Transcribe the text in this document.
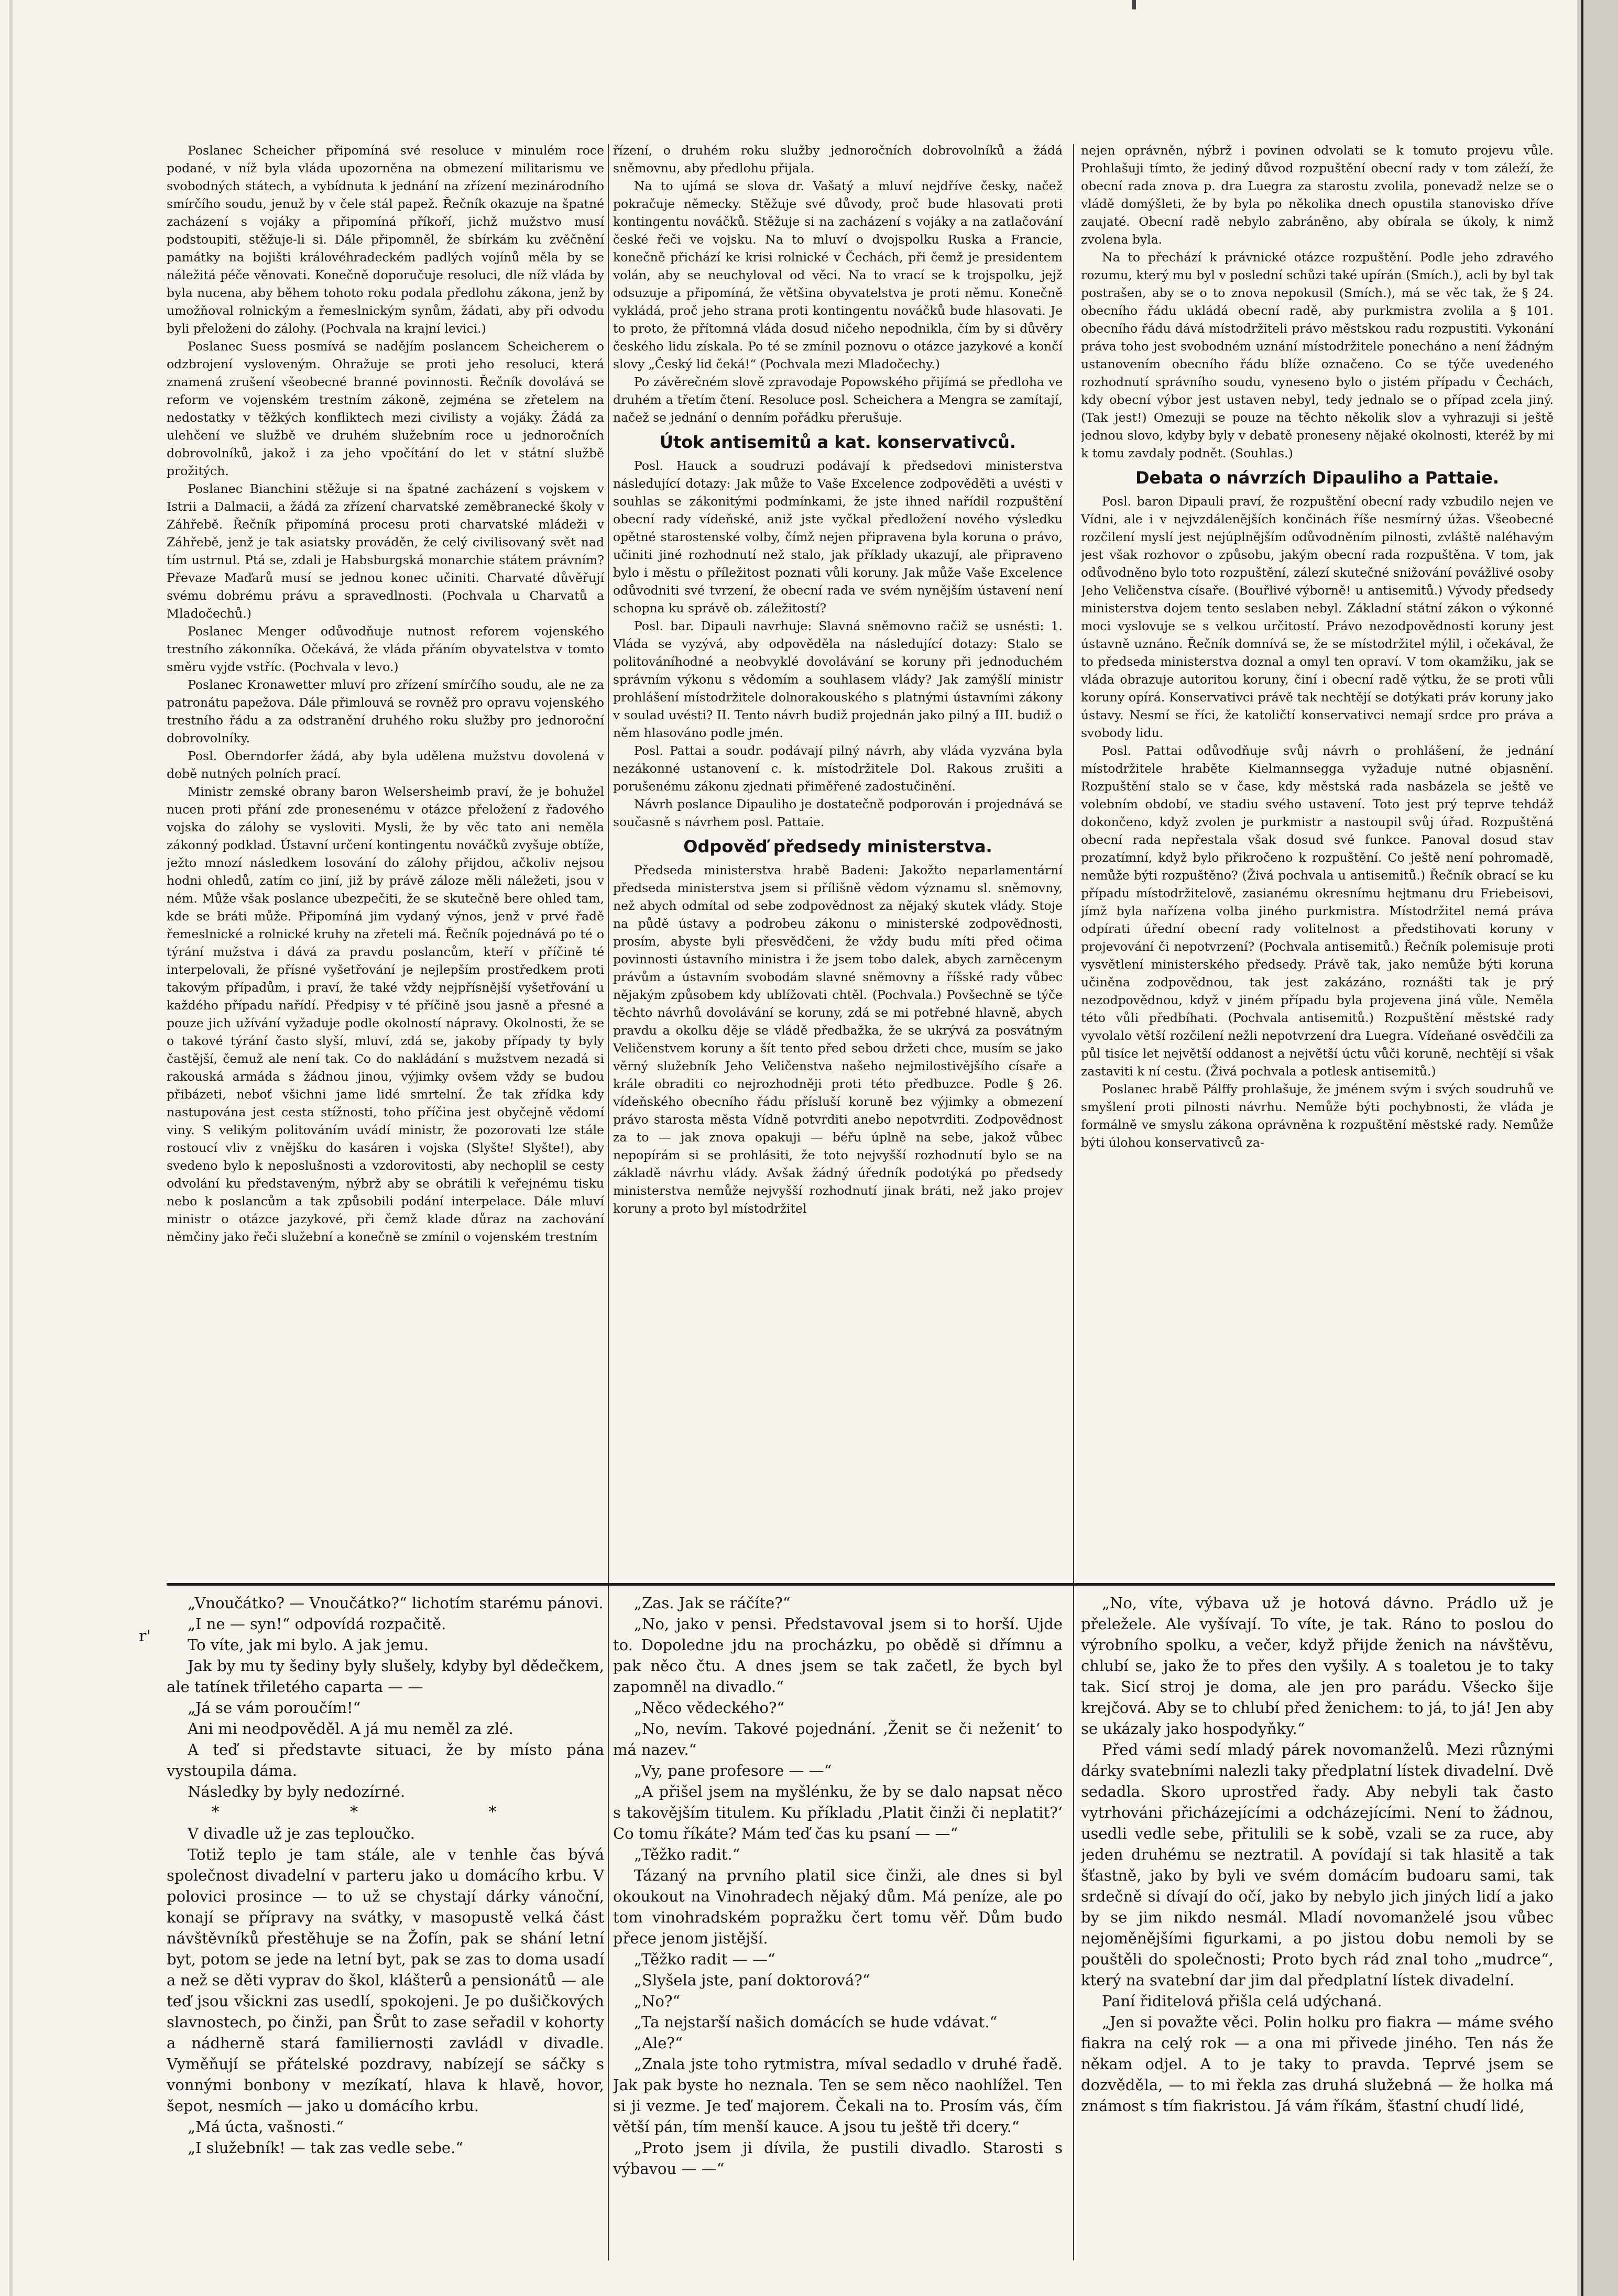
r'

Poslanec Scheicher připomíná své resoluce v minulém roce podané, v níž byla vláda upozorněna na obmezení militarismu ve svobodných státech, a vybídnuta k jednání na zřízení mezinárodního smírčího soudu, jenuž by v čele stál papež. Řečník okazuje na špatné zacházení s vojáky a připomíná příkoří, jichž mužstvo musí podstoupiti, stěžuje-li si. Dále připomněl, že sbírkám ku zvěčnění památky na bojišti královéhradeckém padlých vojínů měla by se náležitá péče věnovati. Konečně doporučuje resoluci, dle níž vláda by byla nucena, aby během tohoto roku podala předlohu zákona, jenž by umožňoval rolnickým a řemeslnickým synům, žádati, aby při odvodu byli přeloženi do zálohy. (Pochvala na krajní levici.)

Poslanec Suess posmívá se nadějím poslancem Scheicherem o odzbrojení vysloveným. Ohražuje se proti jeho resoluci, která znamená zrušení všeobecné branné povinnosti. Řečník dovolává se reform ve vojenském trestním zákoně, zejména se zřetelem na nedostatky v těžkých konfliktech mezi civilisty a vojáky. Žádá za ulehčení ve službě ve druhém služebním roce u jednoročních dobrovolníků, jakož i za jeho vpočítání do let v státní službě prožitých.

Poslanec Bianchini stěžuje si na špatné zacházení s vojskem v Istrii a Dalmacii, a žádá za zřízení charvatské zeměbranecké školy v Záhřebě. Řečník připomíná procesu proti charvatské mládeži v Záhřebě, jenž je tak asiatsky prováděn, že celý civilisovaný svět nad tím ustrnul. Ptá se, zdali je Habsburgská monarchie státem právním? Převaze Maďarů musí se jednou konec učiniti. Charvaté důvěřují svému dobrému právu a spravedlnosti. (Pochvala u Charvatů a Mladočechů.)

Poslanec Menger odůvodňuje nutnost reforem vojenského trestního zákonníka. Očekává, že vláda přáním obyvatelstva v tomto směru vyjde vstříc. (Pochvala v levo.)

Poslanec Kronawetter mluví pro zřízení smírčího soudu, ale ne za patronátu papežova. Dále přimlouvá se rovněž pro opravu vojenského trestního řádu a za odstranění druhého roku služby pro jednoroční dobrovolníky.

Posl. Oberndorfer žádá, aby byla udělena mužstvu dovolená v době nutných polních prací.

Ministr zemské obrany baron Welsersheimb praví, že je bohužel nucen proti přání zde pronesenému v otázce přeložení z řadového vojska do zálohy se vysloviti. Mysli, že by věc tato ani neměla zákonný podklad. Ústavní určení kontingentu nováčků zvyšuje obtíže, ježto mnozí následkem losování do zálohy přijdou, ačkoliv nejsou hodni ohledů, zatím co jiní, již by právě záloze měli náležeti, jsou v ném. Může však poslance ubezpečiti, že se skutečně bere ohled tam, kde se bráti může. Připomíná jim vydaný výnos, jenž v prvé řadě řemeslnické a rolnické kruhy na zřeteli má. Řečník pojednává po té o týrání mužstva i dává za pravdu poslancům, kteří v příčině té interpelovali, že přísné vyšetřování je nejlepším prostředkem proti takovým případům, i praví, že také vždy nejpřísnější vyšetřování u každého případu nařídí. Předpisy v té příčině jsou jasně a přesné a pouze jich užívání vyžaduje podle okolností nápravy. Okolnosti, že se o takové týrání často slyší, mluví, zdá se, jakoby případy ty byly častější, čemuž ale není tak. Co do nakládání s mužstvem nezadá si rakouská armáda s žádnou jinou, výjimky ovšem vždy se budou přibázeti, neboť všichni jame lidé smrtelní. Že tak zřídka kdy nastupována jest cesta stížnosti, toho příčina jest obyčejně vědomí viny. S velikým politováním uvádí ministr, že pozorovati lze stále rostoucí vliv z vnějšku do kasáren i vojska (Slyšte! Slyšte!), aby svedeno bylo k neposlušnosti a vzdorovitosti, aby nechoplil se cesty odvolání ku představeným, nýbrž aby se obrátili k veřejnému tisku nebo k poslancům a tak způsobili podání interpelace. Dále mluví ministr o otázce jazykové, při čemž klade důraz na zachování němčiny jako řeči služební a konečně se zmínil o vojenském trestním

řízení, o druhém roku služby jednoročních dobrovolníků a žádá sněmovnu, aby předlohu přijala.

Na to ujímá se slova dr. Vašatý a mluví nejdříve česky, načež pokračuje německy. Stěžuje své důvody, proč bude hlasovati proti kontingentu nováčků. Stěžuje si na zacházení s vojáky a na zatlačování české řeči ve vojsku. Na to mluví o dvojspolku Ruska a Francie, konečně přichází ke krisi rolnické v Čechách, při čemž je presidentem volán, aby se neuchyloval od věci. Na to vrací se k trojspolku, jejž odsuzuje a připomíná, že většina obyvatelstva je proti němu. Konečně vykládá, proč jeho strana proti kontingentu nováčků bude hlasovati. Je to proto, že přítomná vláda dosud ničeho nepodnikla, čím by si důvěry českého lidu získala. Po té se zmínil poznovu o otázce jazykové a končí slovy „Český lid čeká!“ (Pochvala mezi Mladočechy.)

Po závěrečném slově zpravodaje Popowského přijímá se předloha ve druhém a třetím čtení. Resoluce posl. Scheichera a Mengra se zamítají, načež se jednání o denním pořádku přerušuje.

Útok antisemitů a kat. konservativců.

Posl. Hauck a soudruzi podávají k předsedovi ministerstva následující dotazy: Jak může to Vaše Excelence zodpověděti a uvésti v souhlas se zákonitými podmínkami, že jste ihned nařídil rozpuštění obecní rady vídeňské, aniž jste vyčkal předložení nového výsledku opětné starostenské volby, čímž nejen připravena byla koruna o právo, učiniti jiné rozhodnutí než stalo, jak příklady ukazují, ale připraveno bylo i městu o příležitost poznati vůli koruny. Jak může Vaše Excelence odůvodniti své tvrzení, že obecní rada ve svém nynějším ústavení není schopna ku správě ob. záležitostí?

Posl. bar. Dipauli navrhuje: Slavná sněmovno račiž se usnésti: 1. Vláda se vyzývá, aby odpověděla na následující dotazy: Stalo se politováníhodné a neobvyklé dovolávání se koruny při jednoduchém správním výkonu s vědomím a souhlasem vlády? Jak zamýšlí ministr prohlášení místodržitele dolnorakouského s platnými ústavními zákony v soulad uvésti? II. Tento návrh budiž projednán jako pilný a III. budiž o něm hlasováno podle jmén.

Posl. Pattai a soudr. podávají pilný návrh, aby vláda vyzvána byla nezákonné ustanovení c. k. místodržitele Dol. Rakous zrušiti a porušenému zákonu zjednati přiměřené zadostučinění.

Návrh poslance Dipauliho je dostatečně podporován i projednává se současně s návrhem posl. Pattaie.

Odpověď předsedy ministerstva.

Předseda ministerstva hrabě Badeni: Jakožto neparlamentární předseda ministerstva jsem si přílišně vědom významu sl. sněmovny, než abych odmítal od sebe zodpovědnost za nějaký skutek vlády. Stoje na půdě ústavy a podrobeu zákonu o ministerské zodpovědnosti, prosím, abyste byli přesvědčeni, že vždy budu míti před očima povinnosti ústavního ministra i že jsem tobo dalek, abych zarněcenym právům a ústavním svobodám slavné sněmovny a říšské rady vůbec nějakým způsobem kdy ublížovati chtěl. (Pochvala.) Povšechně se týče těchto návrhů dovolávání se koruny, zdá se mi potřebné hlavně, abych pravdu a okolku děje se vládě předbažka, že se ukrývá za posvátným Veličenstvem koruny a šít tento před sebou držeti chce, musím se jako věrný služebník Jeho Veličenstva našeho nejmilostivějšího císaře a krále obraditi co nejrozhodněji proti této předbuzce. Podle § 26. vídeňského obecního řádu přísluší koruně bez výjimky a obmezení právo starosta města Vídně potvrditi anebo nepotvrditi. Zodpovědnost za to — jak znova opakuji — béřu úplně na sebe, jakož vůbec nepopírám si se prohlásiti, že toto nejvyšší rozhodnutí bylo se na základě návrhu vlády. Avšak žádný úředník podotýká po předsedy ministerstva nemůže nejvyšší rozhodnutí jinak bráti, než jako projev koruny a proto byl místodržitel

nejen oprávněn, nýbrž i povinen odvolati se k tomuto projevu vůle. Prohlašuji tímto, že jediný důvod rozpuštění obecní rady v tom záleží, že obecní rada znova p. dra Luegra za starostu zvolila, ponevadž nelze se o vládě domýšleti, že by byla po několika dnech opustila stanovisko dříve zaujaté. Obecní radě nebylo zabráněno, aby obírala se úkoly, k nimž zvolena byla.

Na to přechází k právnické otázce rozpuštění. Podle jeho zdravého rozumu, který mu byl v poslední schůzi také upírán (Smích.), acli by byl tak postrašen, aby se o to znova nepokusil (Smích.), má se věc tak, že § 24. obecního řádu ukládá obecní radě, aby purkmistra zvolila a § 101. obecního řádu dává místodržiteli právo městskou radu rozpustiti. Vykonání práva toho jest svobodném uznání místodržitele ponecháno a není žádným ustanovením obecního řádu blíže označeno. Co se týče uvedeného rozhodnutí správního soudu, vyneseno bylo o jistém případu v Čechách, kdy obecní výbor jest ustaven nebyl, tedy jednalo se o případ zcela jiný. (Tak jest!) Omezuji se pouze na těchto několik slov a vyhrazuji si ještě jednou slovo, kdyby byly v debatě proneseny nějaké okolnosti, kteréž by mi k tomu zavdaly podnět. (Souhlas.)

Debata o návrzích Dipauliho a Pattaie.

Posl. baron Dipauli praví, že rozpuštění obecní rady vzbudilo nejen ve Vídni, ale i v nejvzdálenějších končinách říše nesmírný úžas. Všeobecné rozčilení myslí jest nejúplnějším odůvodněním pilnosti, zvláště naléhavým jest však rozhovor o způsobu, jakým obecní rada rozpuštěna. V tom, jak odůvodněno bylo toto rozpuštění, zálezí skutečné snižování povážlivé osoby Jeho Veličenstva císaře. (Bouřlivé výborně! u antisemitů.) Vývody předsedy ministerstva dojem tento seslaben nebyl. Základní státní zákon o výkonné moci vyslovuje se s velkou určitostí. Právo nezodpovědnosti koruny jest ústavně uznáno. Řečník domnívá se, že se místodržitel mýlil, i očekával, že to předseda ministerstva doznal a omyl ten opraví. V tom okamžiku, jak se vláda obrazuje autoritou koruny, činí i obecní radě výtku, že se proti vůli koruny opírá. Konservativci právě tak nechtějí se dotýkati práv koruny jako ústavy. Nesmí se říci, že katoličtí konservativci nemají srdce pro práva a svobody lidu.

Posl. Pattai odůvodňuje svůj návrh o prohlášení, že jednání místodržitele hraběte Kielmannsegga vyžaduje nutné objasnění. Rozpuštění stalo se v čase, kdy městská rada nasbázela se ještě ve volebním období, ve stadiu svého ustavení. Toto jest prý teprve tehdáž dokončeno, když zvolen je purkmistr a nastoupil svůj úřad. Rozpuštěná obecní rada nepřestala však dosud své funkce. Panoval dosud stav prozatímní, když bylo přikročeno k rozpuštění. Co ještě není pohromadě, nemůže býti rozpuštěno? (Živá pochvala u antisemitů.) Řečník obrací se ku případu místodržitelově, zasianému okresnímu hejtmanu dru Friebeisovi, jímž byla nařízena volba jiného purkmistra. Místodržitel nemá práva odpírati úřední obecní rady volitelnost a předstihovati koruny v projevování či nepotvrzení? (Pochvala antisemitů.) Řečník polemisuje proti vysvětlení ministerského předsedy. Právě tak, jako nemůže býti koruna učiněna zodpovědnou, tak jest zakázáno, roznášti tak je prý nezodpovědnou, když v jiném případu byla projevena jiná vůle. Neměla této vůli předbíhati. (Pochvala antisemitů.) Rozpuštění městské rady vyvolalo větší rozčilení nežli nepotvrzení dra Luegra. Vídeňané osvědčili za půl tisíce let největší oddanost a největší úctu vůči koruně, nechtějí si však zastaviti k ní cestu. (Živá pochvala a potlesk antisemitů.)

Poslanec hrabě Pálffy prohlašuje, že jménem svým i svých soudruhů ve smyšlení proti pilnosti návrhu. Nemůže býti pochybnosti, že vláda je formálně ve smyslu zákona oprávněna k rozpuštění městské rady. Nemůže býti úlohou konservativců za-

„Vnoučátko? — Vnoučátko?“ lichotím starému pánovi.

„I ne — syn!“ odpovídá rozpačitě.

To víte, jak mi bylo. A jak jemu.

Jak by mu ty šediny byly slušely, kdyby byl dědečkem, ale tatínek třiletého caparta — —

„Já se vám poroučím!“

Ani mi neodpověděl. A já mu neměl za zlé.

A teď si představte situaci, že by místo pána vystoupila dáma.

Následky by byly nedozírné.

* * *

V divadle už je zas teploučko.

Totiž teplo je tam stále, ale v tenhle čas bývá společnost divadelní v parteru jako u domácího krbu. V polovici prosince — to už se chystají dárky vánoční, konají se přípravy na svátky, v masopustě velká část návštěvníků přestěhuje se na Žofín, pak se shání letní byt, potom se jede na letní byt, pak se zas to doma usadí a než se děti vyprav do škol, klášterů a pensionátů — ale teď jsou všickni zas usedlí, spokojeni. Je po dušičkových slavnostech, po činži, pan Šrůt to zase seřadil v kohorty a nádherně stará familiernosti zavládl v divadle. Vyměňují se přátelské pozdravy, nabízejí se sáčky s vonnými bonbony v mezíkatí, hlava k hlavě, hovor, šepot, nesmích — jako u domácího krbu.

„Má úcta, vašnosti.“

„I služebník! — tak zas vedle sebe.“

„Zas. Jak se ráčíte?“

„No, jako v pensi. Představoval jsem si to horší. Ujde to. Dopoledne jdu na procházku, po obědě si dřímnu a pak něco čtu. A dnes jsem se tak začetl, že bych byl zapomněl na divadlo.“

„Něco vědeckého?“

„No, nevím. Takové pojednání. ‚Ženit se či neženit‘ to má nazev.“

„Vy, pane profesore — —“

„A přišel jsem na myšlénku, že by se dalo napsat něco s takovějším titulem. Ku příkladu ‚Platit činži či neplatit?‘ Co tomu říkáte? Mám teď čas ku psaní — —“

„Těžko radit.“

Tázaný na prvního platil sice činži, ale dnes si byl okoukout na Vinohradech nějaký dům. Má peníze, ale po tom vinohradském popražku čert tomu věř. Dům budo přece jenom jistější.

„Těžko radit — —“

„Slyšela jste, paní doktorová?“

„No?“

„Ta nejstarší našich domácích se hude vdávat.“

„Ale?“

„Znala jste toho rytmistra, míval sedadlo v druhé řadě. Jak pak byste ho neznala. Ten se sem něco naohlížel. Ten si ji vezme. Je teď majorem. Čekali na to. Prosím vás, čím větší pán, tím menší kauce. A jsou tu ještě tři dcery.“

„Proto jsem ji dívila, že pustili divadlo. Starosti s výbavou — —“

„No, víte, výbava už je hotová dávno. Prádlo už je přeležele. Ale vyšívají. To víte, je tak. Ráno to poslou do výrobního spolku, a večer, když přijde ženich na návštěvu, chlubí se, jako že to přes den vyšily. A s toaletou je to taky tak. Sicí stroj je doma, ale jen pro parádu. Všecko šije krejčová. Aby se to chlubí před ženichem: to já, to já! Jen aby se ukázaly jako hospodyňky.“

Před vámi sedí mladý párek novomanželů. Mezi různými dárky svatebními nalezli taky předplatní lístek divadelní. Dvě sedadla. Skoro uprostřed řady. Aby nebyli tak často vytrhováni přicházejícími a odcházejícími. Není to žádnou, usedli vedle sebe, přitulili se k sobě, vzali se za ruce, aby jeden druhému se neztratil. A povídají si tak hlasitě a tak šťastně, jako by byli ve svém domácím budoaru sami, tak srdečně si dívají do očí, jako by nebylo jich jiných lidí a jako by se jim nikdo nesmál. Mladí novomanželé jsou vůbec nejoměnějšími figurkami, a po jistou dobu nemoli by se pouštěli do společnosti; Proto bych rád znal toho „mudrce“, který na svatební dar jim dal předplatní lístek divadelní.

Paní řiditelová přišla celá udýchaná.

„Jen si považte věci. Polin holku pro fiakra — máme svého fiakra na celý rok — a ona mi přivede jiného. Ten nás že někam odjel. A to je taky to pravda. Teprvé jsem se dozvěděla, — to mi řekla zas druhá služebná — že holka má známost s tím fiakristou. Já vám říkám, šťastní chudí lidé,
